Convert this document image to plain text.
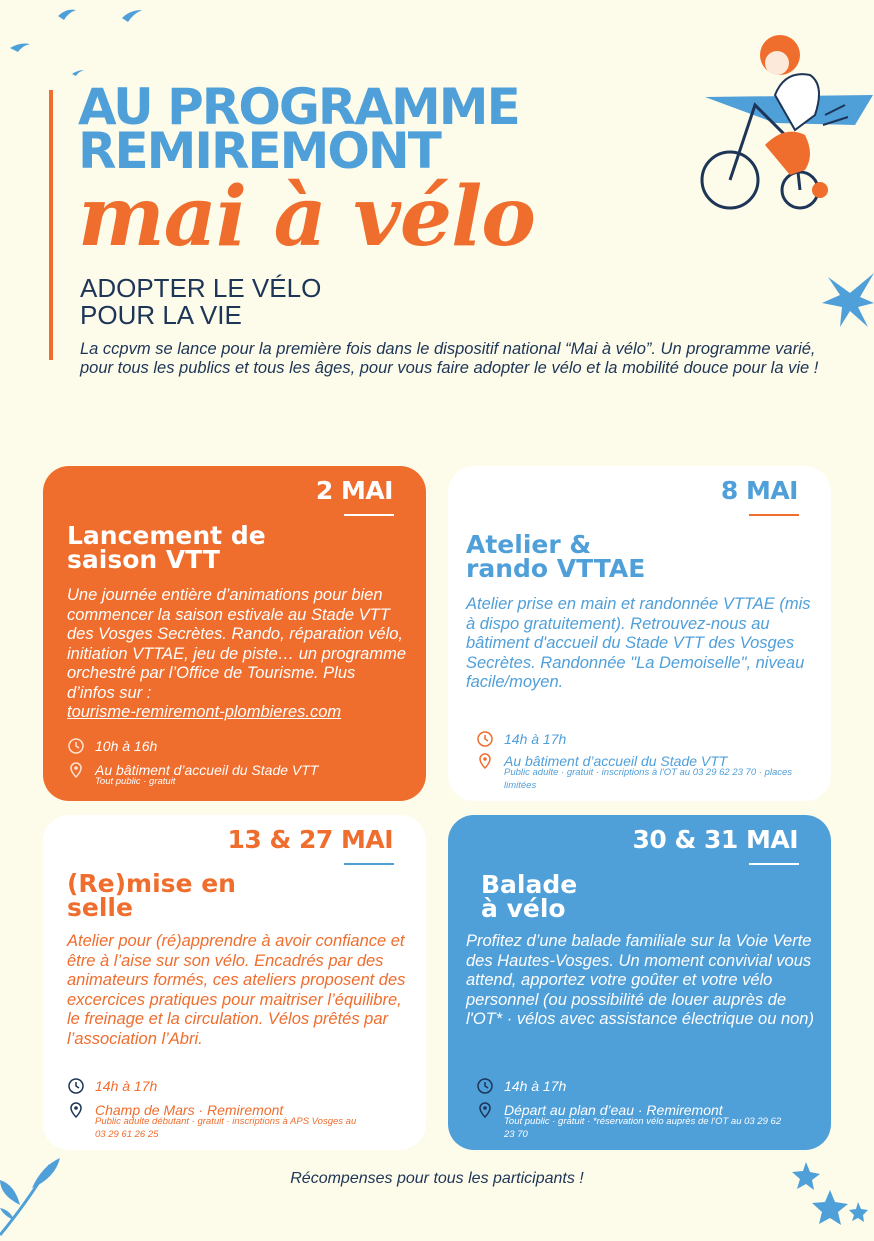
AU PROGRAMME
REMIREMONT
mai à vélo
ADOPTER LE VÉLO
POUR LA VIE
La ccpvm se lance pour la première fois dans le dispositif national “Mai à vélo”. Un programme varié, pour tous les publics et tous les âges, pour vous faire adopter le vélo et la mobilité douce pour la vie !
2 MAI
Lancement de
saison VTT
Une journée entière d’animations pour bien commencer la saison estivale au Stade VTT des Vosges Secrètes. Rando, réparation vélo, initiation VTTAE, jeu de piste… un programme orchestré par l’Office de Tourisme. Plus d’infos sur :
tourisme-remiremont-plombieres.com
10h à 16h
Au bâtiment d’accueil du Stade VTT
Tout public · gratuit
8 MAI
Atelier &
rando VTTAE
Atelier prise en main et randonnée VTTAE (mis à dispo gratuitement). Retrouvez-nous au bâtiment d'accueil du Stade VTT des Vosges Secrètes. Randonnée "La Demoiselle", niveau facile/moyen.
14h à 17h
Au bâtiment d’accueil du Stade VTT
Public adulte · gratuit · inscriptions à l'OT au 03 29 62 23 70 · places limitées
13 & 27 MAI
(Re)mise en
selle
Atelier pour (ré)apprendre à avoir confiance et être à l’aise sur son vélo. Encadrés par des animateurs formés, ces ateliers proposent des excercices pratiques pour maitriser l’équilibre, le freinage et la circulation. Vélos prêtés par l’association l’Abri.
14h à 17h
Champ de Mars · Remiremont
Public adulte débutant · gratuit · inscriptions à APS Vosges au 03 29 61 26 25
30 & 31 MAI
Balade
à vélo
Profitez d’une balade familiale sur la Voie Verte des Hautes-Vosges. Un moment convivial vous attend, apportez votre goûter et votre vélo personnel (ou possibilité de louer auprès de l'OT* · vélos avec assistance électrique ou non)
14h à 17h
Départ au plan d’eau · Remiremont
Tout public · gratuit · *réservation vélo auprès de l'OT au 03 29 62 23 70
Récompenses pour tous les participants !
